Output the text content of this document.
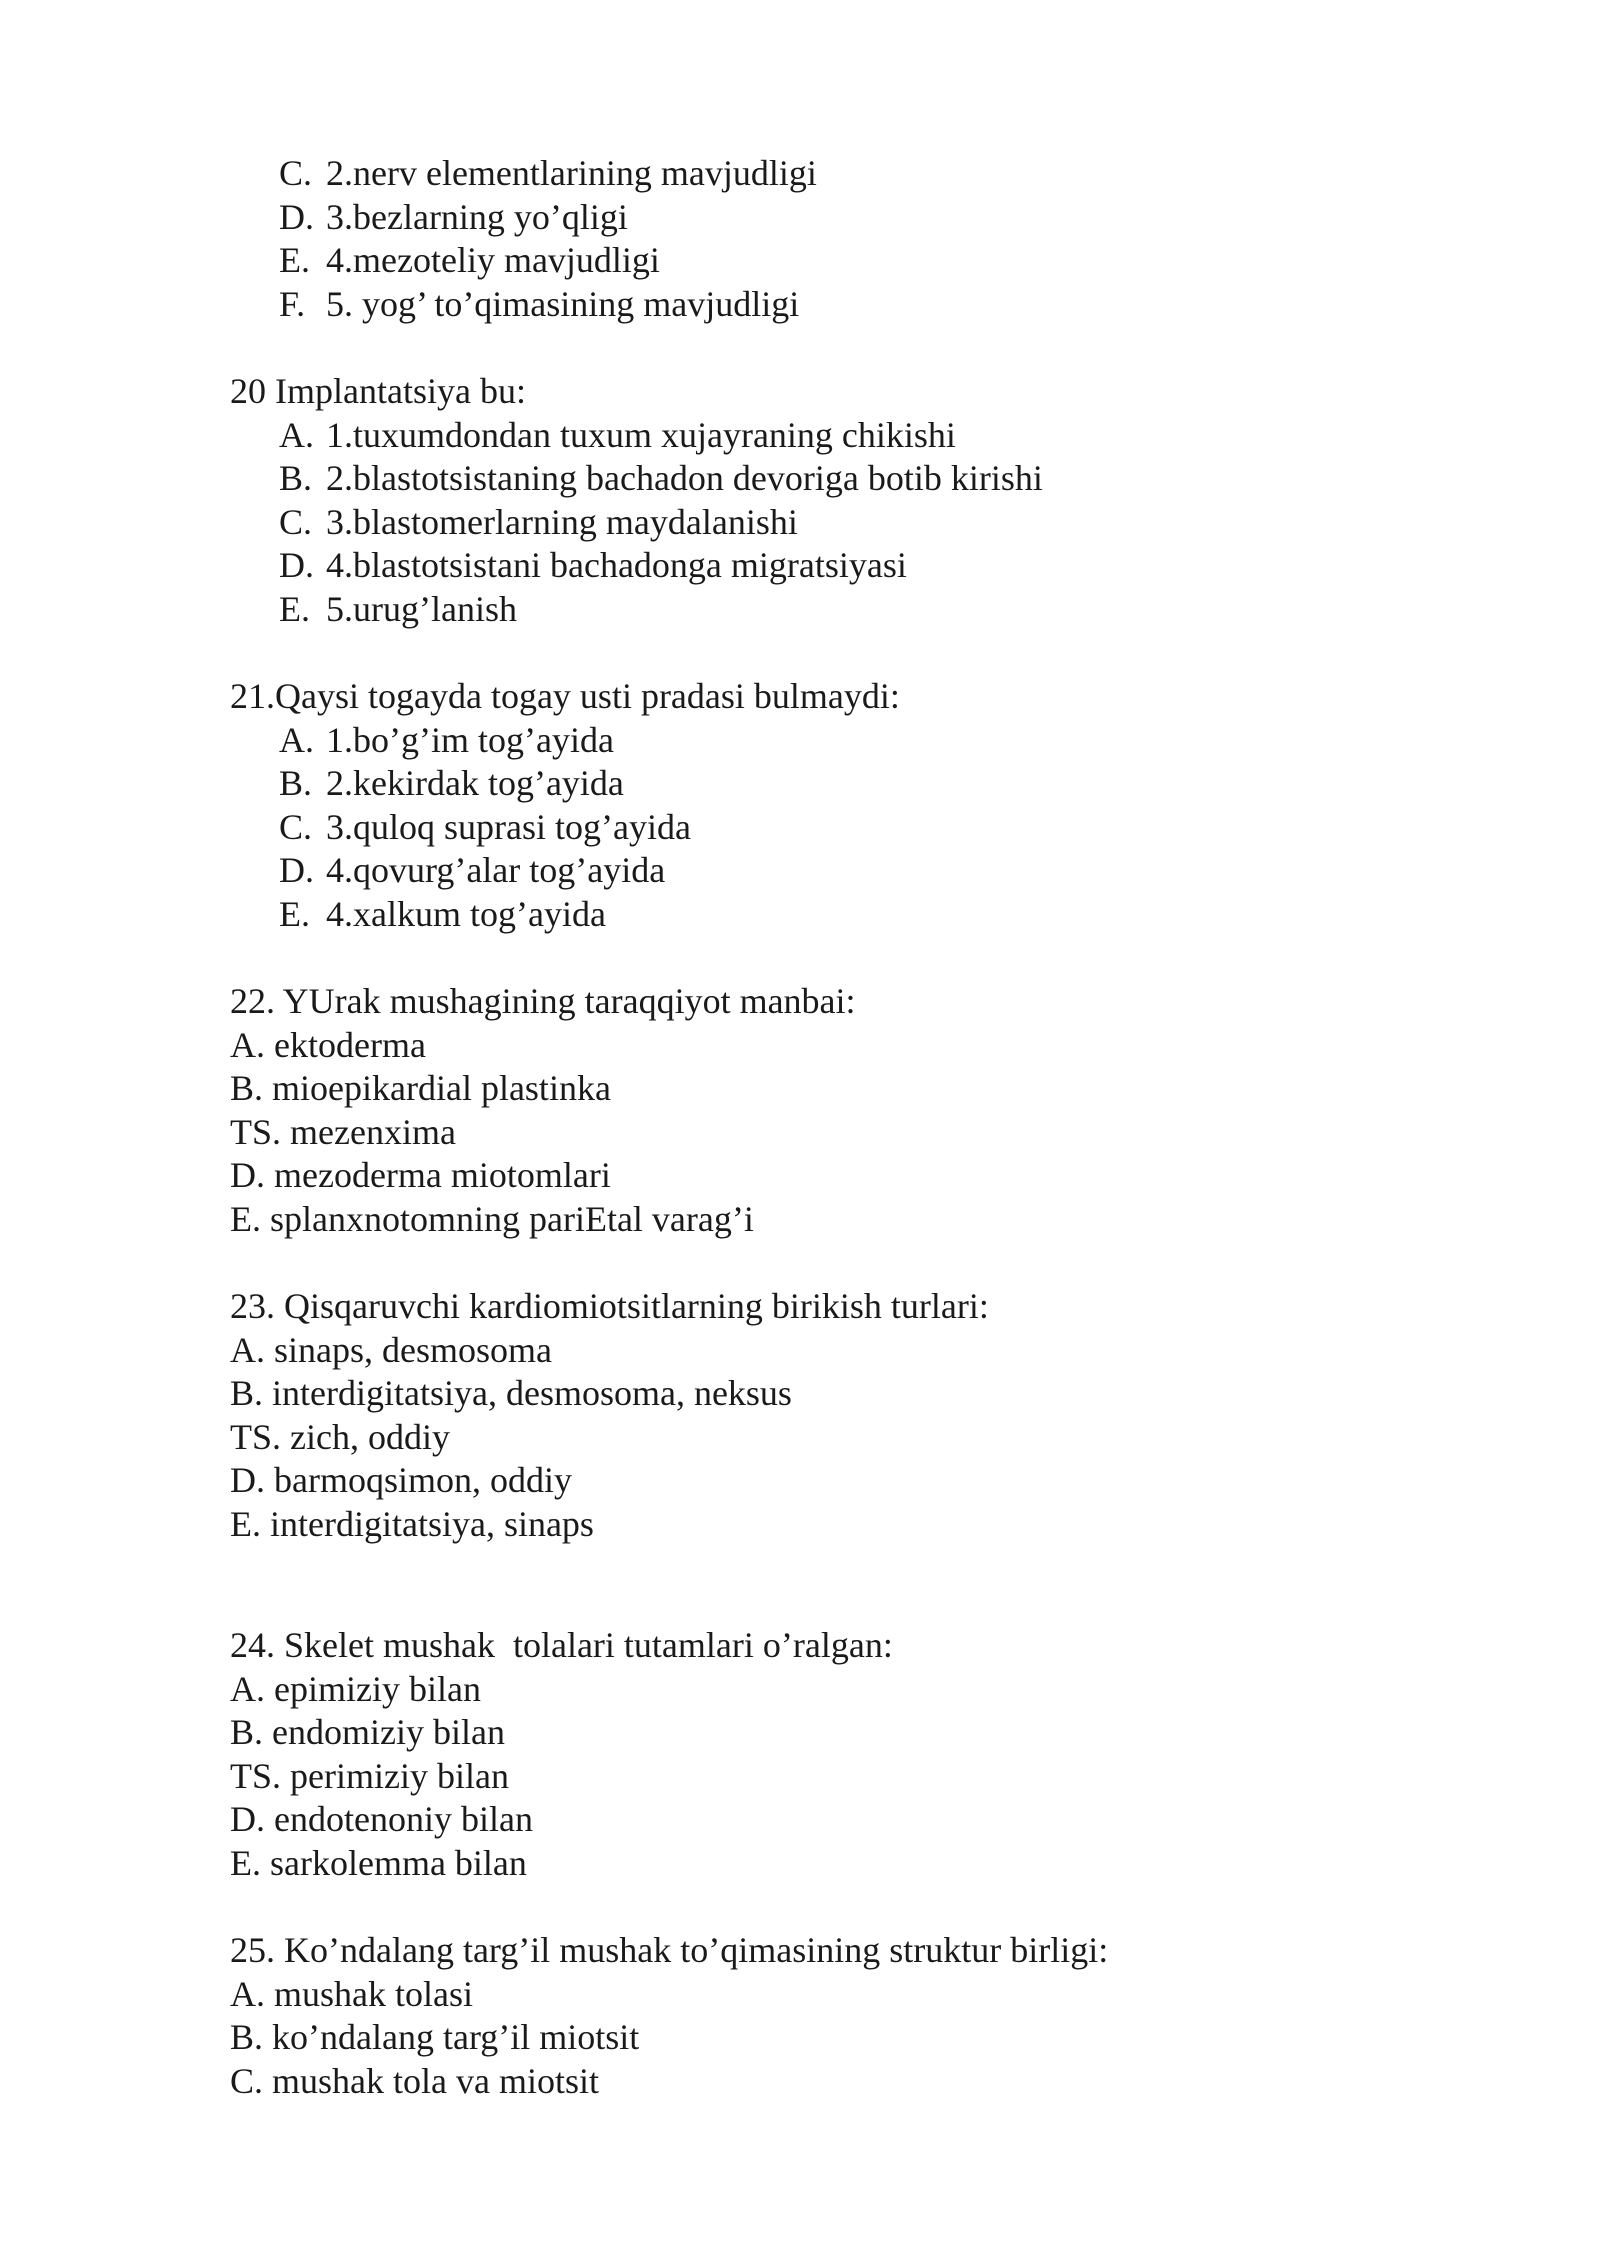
C. 2.nerv elementlarining mavjudligi
D. 3.bezlarning yo’qligi
E. 4.mezoteliy mavjudligi
F. 5. yog’ to’qimasining mavjudligi
20 Implantatsiya bu:
A. 1.tuxumdondan tuxum xujayraning chikishi
B. 2.blastotsistaning bachadon devoriga botib kirishi
C. 3.blastomerlarning maydalanishi
D. 4.blastotsistani bachadonga migratsiyasi
E. 5.urug’lanish
21.Qaysi togayda togay usti pradasi bulmaydi:
A. 1.bo’g’im tog’ayida
B. 2.kekirdak tog’ayida
C. 3.quloq suprasi tog’ayida
D. 4.qovurg’alar tog’ayida
E. 4.xalkum tog’ayida
22. YUrak mushagining taraqqiyot manbai:
A. ektoderma
B. mioepikardial plastinka
TS. mezenxima
D. mezoderma miotomlari
E. splanxnotomning pariEtal varag’i
23. Qisqaruvchi kardiomiotsitlarning birikish turlari:
A. sinaps, desmosoma
B. interdigitatsiya, desmosoma, neksus
TS. zich, oddiy
D. barmoqsimon, oddiy
E. interdigitatsiya, sinaps
24. Skelet mushak  tolalari tutamlari o’ralgan:
A. epimiziy bilan
B. endomiziy bilan
TS. perimiziy bilan
D. endotenoniy bilan
E. sarkolemma bilan
25. Ko’ndalang targ’il mushak to’qimasining struktur birligi:
A. mushak tolasi
B. ko’ndalang targ’il miotsit
C. mushak tola va miotsit
